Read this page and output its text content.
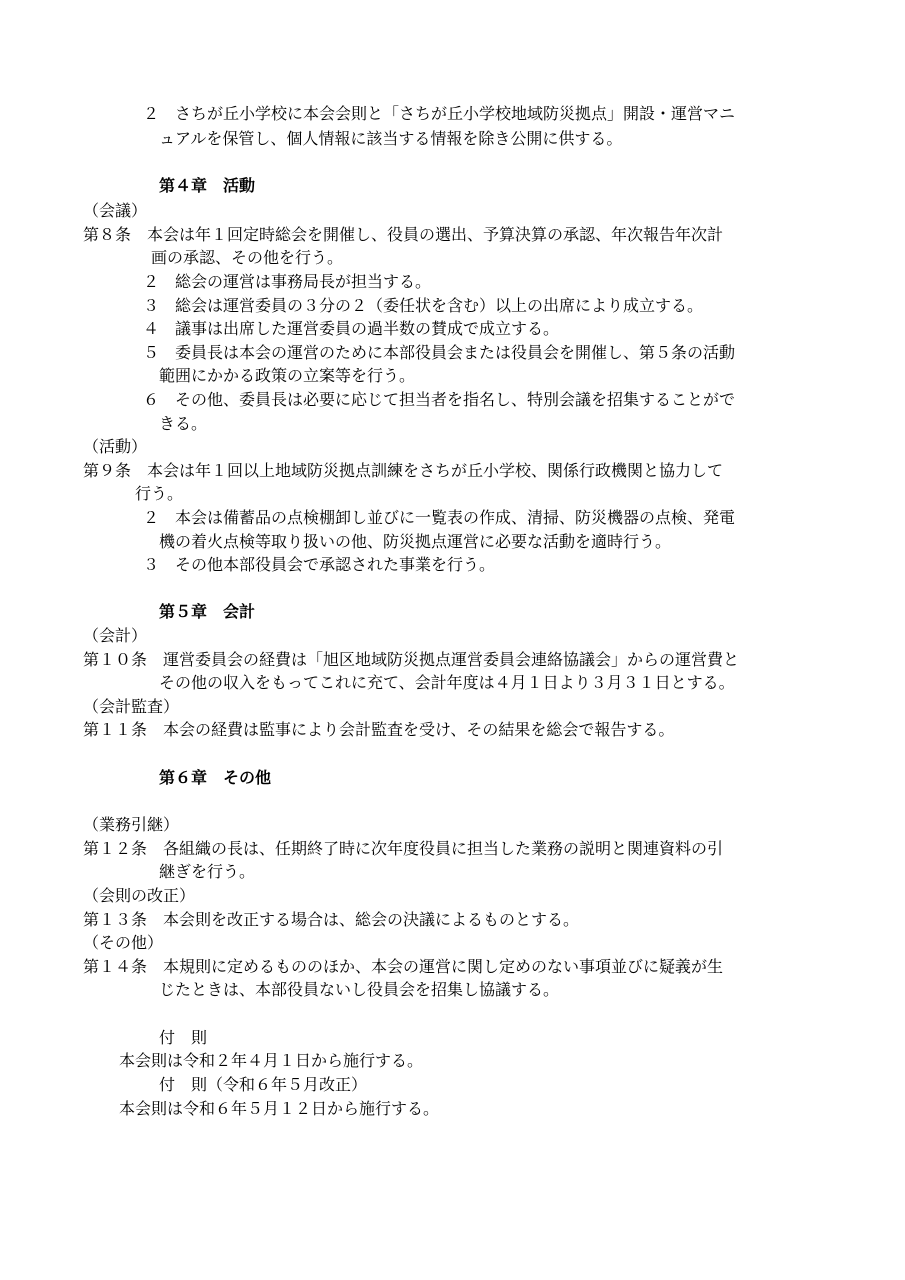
２　さちが丘小学校に本会会則と「さちが丘小学校地域防災拠点」開設・運営マニ
ュアルを保管し、個人情報に該当する情報を除き公開に供する。
第４章　活動
（会議）
第８条　本会は年１回定時総会を開催し、役員の選出、予算決算の承認、年次報告年次計
画の承認、その他を行う。
２　総会の運営は事務局長が担当する。
３　総会は運営委員の３分の２（委任状を含む）以上の出席により成立する。
４　議事は出席した運営委員の過半数の賛成で成立する。
５　委員長は本会の運営のために本部役員会または役員会を開催し、第５条の活動
範囲にかかる政策の立案等を行う。
６　その他、委員長は必要に応じて担当者を指名し、特別会議を招集することがで
きる。
（活動）
第９条　本会は年１回以上地域防災拠点訓練をさちが丘小学校、関係行政機関と協力して
行う。
２　本会は備蓄品の点検棚卸し並びに一覧表の作成、清掃、防災機器の点検、発電
機の着火点検等取り扱いの他、防災拠点運営に必要な活動を適時行う。
３　その他本部役員会で承認された事業を行う。
第５章　会計
（会計）
第１０条　運営委員会の経費は「旭区地域防災拠点運営委員会連絡協議会」からの運営費と
その他の収入をもってこれに充て、会計年度は４月１日より３月３１日とする。
（会計監査）
第１１条　本会の経費は監事により会計監査を受け、その結果を総会で報告する。
第６章　その他
（業務引継）
第１２条　各組織の長は、任期終了時に次年度役員に担当した業務の説明と関連資料の引
継ぎを行う。
（会則の改正）
第１３条　本会則を改正する場合は、総会の決議によるものとする。
（その他）
第１４条　本規則に定めるもののほか、本会の運営に関し定めのない事項並びに疑義が生
じたときは、本部役員ないし役員会を招集し協議する。
付　則
本会則は令和２年４月１日から施行する。
付　則（令和６年５月改正）
本会則は令和６年５月１２日から施行する。
